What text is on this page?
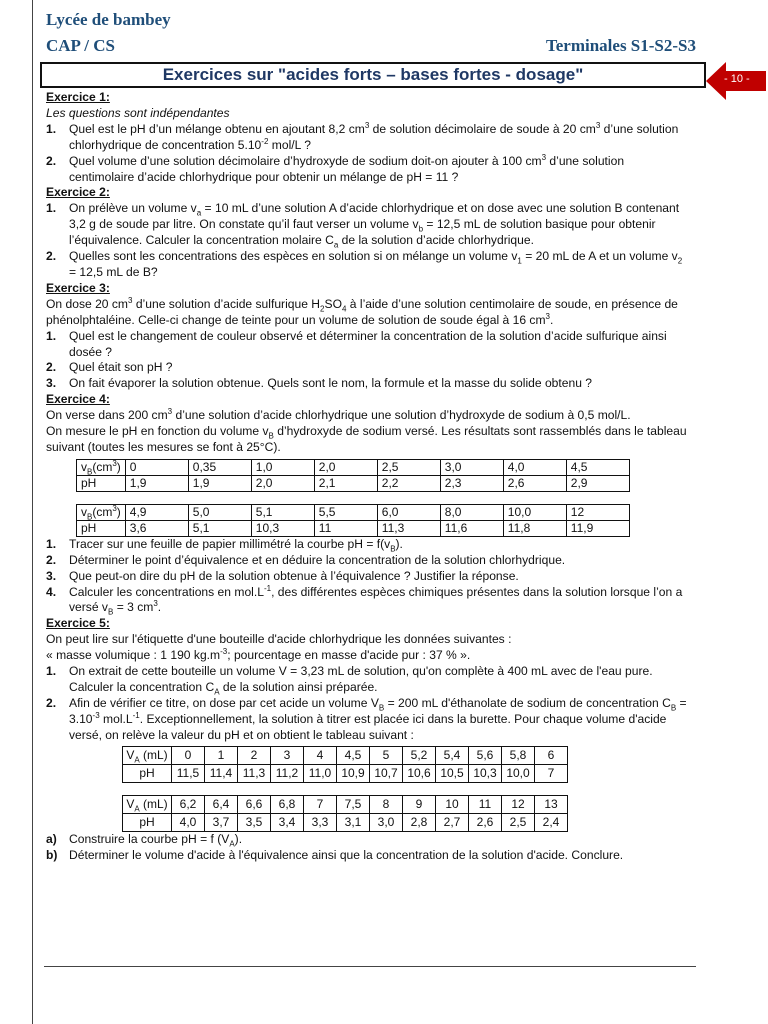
Lycée de bambey
CAP / CS	Terminales S1-S2-S3
Exercices sur "acides forts – bases fortes - dosage"	- 10 -

Exercice 1:

Les questions sont indépendantes

1. Quel est le pH d’un mélange obtenu en ajoutant 8,2 $cm^3$ de solution décimolaire de soude à 20 $cm^3$ d’une solution chlorhydrique de concentration $5.10^{-2}$ mol/L ?
2. Quel volume d’une solution décimolaire d’hydroxyde de sodium doit-on ajouter à 100 $cm^3$ d’une solution centimolaire d’acide chlorhydrique pour obtenir un mélange de pH = 11 ?

Exercice 2:

1. On prélève un volume $v_a = 10$ mL d’une solution A d’acide chlorhydrique et on dose avec une solution B contenant 3,2 g de soude par litre. On constate qu’il faut verser un volume $v_b = 12,5$ mL de solution basique pour obtenir l’équivalence. Calculer la concentration molaire $C_a$ de la solution d’acide chlorhydrique.
2. Quelles sont les concentrations des espèces en solution si on mélange un volume $v_1 = 20$ mL de A et un volume $v_2 = 12,5$ mL de B?

Exercice 3:

On dose 20 $cm^3$ d’une solution d’acide sulfurique $H_2SO_4$ à l’aide d’une solution centimolaire de soude, en présence de phénolphtaléine. Celle-ci change de teinte pour un volume de solution de soude égal à 16 $cm^3$.

1. Quel est le changement de couleur observé et déterminer la concentration de la solution d’acide sulfurique ainsi dosée ?
2. Quel était son pH ?
3. On fait évaporer la solution obtenue. Quels sont le nom, la formule et la masse du solide obtenu ?

Exercice 4:

On verse dans 200 $cm^3$ d’une solution d’acide chlorhydrique une solution d’hydroxyde de sodium à 0,5 mol/L.

On mesure le pH en fonction du volume $v_B$ d’hydroxyde de sodium versé. Les résultats sont rassemblés dans le tableau suivant (toutes les mesures se font à 25°C).

$v_B(cm^3)$	0	0,35	1,0	2,0	2,5	3,0	4,0	4,5
pH	1,9	1,9	2,0	2,1	2,2	2,3	2,6	2,9
$v_B(cm^3)$	4,9	5,0	5,1	5,5	6,0	8,0	10,0	12
pH	3,6	5,1	10,3	11	11,3	11,6	11,8	11,9
1. Tracer sur une feuille de papier millimétré la courbe pH = $f(v_B)$.
2. Déterminer le point d’équivalence et en déduire la concentration de la solution chlorhydrique.
3. Que peut-on dire du pH de la solution obtenue à l’équivalence ? Justifier la réponse.
4. Calculer les concentrations en $mol.L^{-1}$, des différentes espèces chimiques présentes dans la solution lorsque l’on a versé $v_B = 3$ $cm^3$.

Exercice 5:

On peut lire sur l'étiquette d'une bouteille d'acide chlorhydrique les données suivantes :

« masse volumique : 1 190 $kg.m^{-3}$; pourcentage en masse d'acide pur : 37 % ».

1. On extrait de cette bouteille un volume V = 3,23 mL de solution, qu'on complète à 400 mL avec de l'eau pure. Calculer la concentration $C_A$ de la solution ainsi préparée.
2. Afin de vérifier ce titre, on dose par cet acide un volume $V_B = 200$ mL d'éthanolate de sodium de concentration $C_B = 3.10^{-3}$ $mol.L^{-1}$. Exceptionnellement, la solution à titrer est placée ici dans la burette. Pour chaque volume d'acide versé, on relève la valeur du pH et on obtient le tableau suivant :
$V_A$ (mL)	0	1	2	3	4	4,5	5	5,2	5,4	5,6	5,8	6
pH	11,5	11,4	11,3	11,2	11,0	10,9	10,7	10,6	10,5	10,3	10,0	7
$V_A$ (mL)	6,2	6,4	6,6	6,8	7	7,5	8	9	10	11	12	13
pH	4,0	3,7	3,5	3,4	3,3	3,1	3,0	2,8	2,7	2,6	2,5	2,4
a) Construire la courbe pH = f $(V_A)$.
b) Déterminer le volume d'acide à l'équivalence ainsi que la concentration de la solution d'acide. Conclure.
